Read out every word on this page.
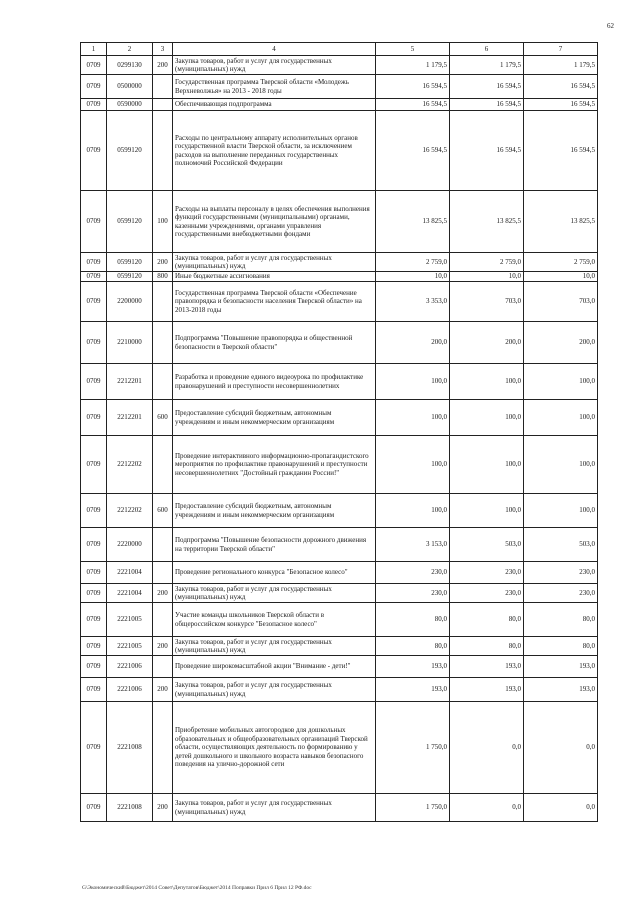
62
1	2	3	4	5	6	7
0709	0299130	200	Закупка товаров, работ и услуг для государственных (муниципальных) нужд	1 179,5	1 179,5	1 179,5
0709	0500000		Государственная программа Тверской области «Молодежь Верхневолжья» на 2013 - 2018 годы	16 594,5	16 594,5	16 594,5
0709	0590000		Обеспечивающая подпрограмма	16 594,5	16 594,5	16 594,5
0709	0599120		Расходы по центральному аппарату исполнительных органов государственной власти Тверской области, за исключением расходов на выполнение переданных государственных полномочий Российской Федерации	16 594,5	16 594,5	16 594,5
0709	0599120	100	Расходы на выплаты персоналу в целях обеспечения выполнения функций государственными (муниципальными) органами, казенными учреждениями, органами управления государственными внебюджетными фондами	13 825,5	13 825,5	13 825,5
0709	0599120	200	Закупка товаров, работ и услуг для государственных (муниципальных) нужд	2 759,0	2 759,0	2 759,0
0709	0599120	800	Иные бюджетные ассигнования	10,0	10,0	10,0
0709	2200000		Государственная программа Тверской области «Обеспечение правопорядка и безопасности населения Тверской области» на 2013-2018 годы	3 353,0	703,0	703,0
0709	2210000		Подпрограмма "Повышение правопорядка и общественной безопасности в Тверской области"	200,0	200,0	200,0
0709	2212201		Разработка и проведение единого видеоурока по профилактике правонарушений и преступности несовершеннолетних	100,0	100,0	100,0
0709	2212201	600	Предоставление субсидий бюджетным, автономным учреждениям и иным некоммерческим организациям	100,0	100,0	100,0
0709	2212202		Проведение интерактивного информационно-пропагандистского мероприятия по профилактике правонарушений и преступности несовершеннолетних "Достойный гражданин России!"	100,0	100,0	100,0
0709	2212202	600	Предоставление субсидий бюджетным, автономным учреждениям и иным некоммерческим организациям	100,0	100,0	100,0
0709	2220000		Подпрограмма "Повышение безопасности дорожного движения на территории Тверской области"	3 153,0	503,0	503,0
0709	2221004		Проведение регионального конкурса "Безопасное колесо"	230,0	230,0	230,0
0709	2221004	200	Закупка товаров, работ и услуг для государственных (муниципальных) нужд	230,0	230,0	230,0
0709	2221005		Участие команды школьников Тверской области в общероссийском конкурсе "Безопасное колесо"	80,0	80,0	80,0
0709	2221005	200	Закупка товаров, работ и услуг для государственных (муниципальных) нужд	80,0	80,0	80,0
0709	2221006		Проведение широкомасштабной акции "Внимание - дети!"	193,0	193,0	193,0
0709	2221006	200	Закупка товаров, работ и услуг для государственных (муниципальных) нужд	193,0	193,0	193,0
0709	2221008		Приобретение мобильных автогородков для дошкольных образовательных и общеобразовательных организаций Тверской области, осуществляющих деятельность по формированию у детей дошкольного и школьного возраста навыков безопасного поведения на улично-дорожной сети	1 750,0	0,0	0,0
0709	2221008	200	Закупка товаров, работ и услуг для государственных (муниципальных) нужд	1 750,0	0,0	0,0
G\Экономический\Бюджет\2014 Совет\Депутатов\Бюджет\2014 Поправки Прил 6 Прил 12 РФ.doc
